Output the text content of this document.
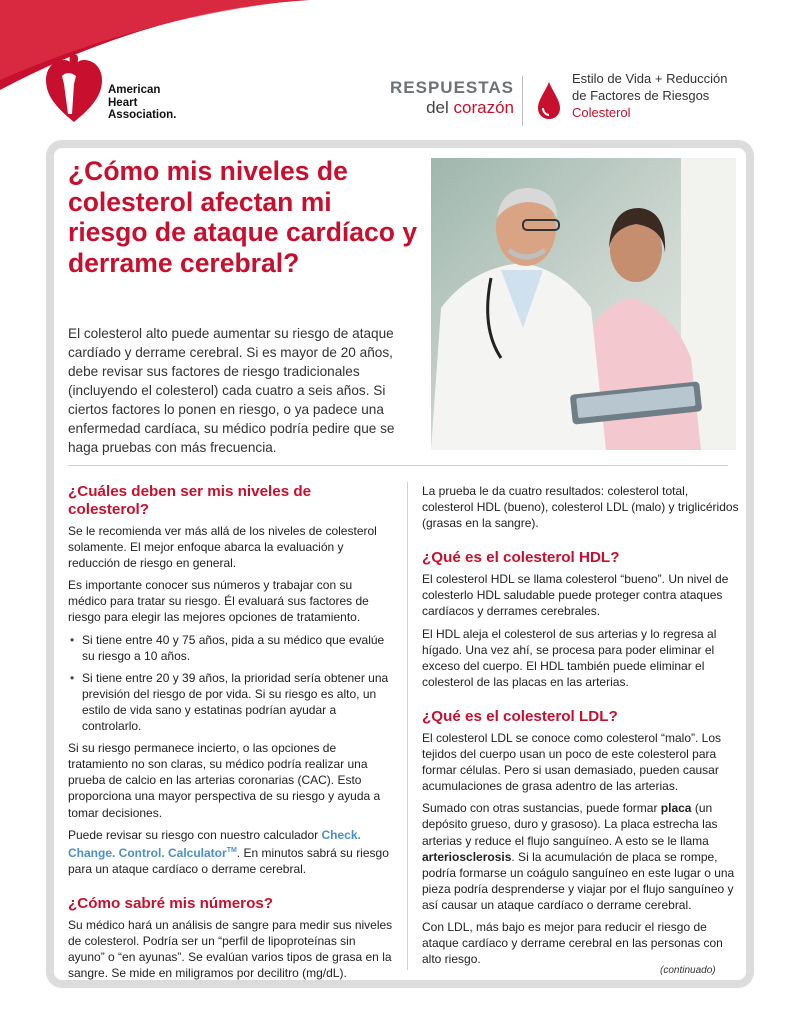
American
Heart
Association.
RESPUESTAS
del corazón
Estilo de Vida + Reducción
de Factores de Riesgos
Colesterol
¿Cómo mis niveles de colesterol afectan mi riesgo de ataque cardíaco y derrame cerebral?

El colesterol alto puede aumentar su riesgo de ataque cardíado y derrame cerebral. Si es mayor de 20 años, debe revisar sus factores de riesgo tradicionales (incluyendo el colesterol) cada cuatro a seis años. Si ciertos factores lo ponen en riesgo, o ya padece una enfermedad cardíaca, su médico podría pedire que se haga pruebas con más frecuencia.

¿Cuáles deben ser mis niveles de colesterol?

Se le recomienda ver más allá de los niveles de colesterol solamente. El mejor enfoque abarca la evaluación y reducción de riesgo en general.

Es importante conocer sus números y trabajar con su médico para tratar su riesgo. Él evaluará sus factores de riesgo para elegir las mejores opciones de tratamiento.

• Si tiene entre 40 y 75 años, pida a su médico que evalúe su riesgo a 10 años.
• Si tiene entre 20 y 39 años, la prioridad sería obtener una previsión del riesgo de por vida. Si su riesgo es alto, un estilo de vida sano y estatinas podrían ayudar a controlarlo.

Si su riesgo permanece incierto, o las opciones de tratamiento no son claras, su médico podría realizar una prueba de calcio en las arterias coronarias (CAC). Esto proporciona una mayor perspectiva de su riesgo y ayuda a tomar decisiones.

Puede revisar su riesgo con nuestro calculador Check. Change. Control. Calculator™. En minutos sabrá su riesgo para un ataque cardíaco o derrame cerebral.

¿Cómo sabré mis números?

Su médico hará un análisis de sangre para medir sus niveles de colesterol. Podría ser un “perfil de lipoproteínas sin ayuno” o “en ayunas”. Se evalúan varios tipos de grasa en la sangre. Se mide en miligramos por decilitro (mg/dL).

La prueba le da cuatro resultados: colesterol total, colesterol HDL (bueno), colesterol LDL (malo) y triglicéridos (grasas en la sangre).

¿Qué es el colesterol HDL?

El colesterol HDL se llama colesterol “bueno”. Un nivel de colesterlo HDL saludable puede proteger contra ataques cardíacos y derrames cerebrales.

El HDL aleja el colesterol de sus arterias y lo regresa al hígado. Una vez ahí, se procesa para poder eliminar el exceso del cuerpo. El HDL también puede eliminar el colesterol de las placas en las arterias.

¿Qué es el colesterol LDL?

El colesterol LDL se conoce como colesterol “malo”. Los tejidos del cuerpo usan un poco de este colesterol para formar células. Pero si usan demasiado, pueden causar acumulaciones de grasa adentro de las arterias.

Sumado con otras sustancias, puede formar placa (un depósito grueso, duro y grasoso). La placa estrecha las arterias y reduce el flujo sanguíneo. A esto se le llama arteriosclerosis. Si la acumulación de placa se rompe, podría formarse un coágulo sanguíneo en este lugar o una pieza podría desprenderse y viajar por el flujo sanguíneo y así causar un ataque cardíaco o derrame cerebral.

Con LDL, más bajo es mejor para reducir el riesgo de ataque cardíaco y derrame cerebral en las personas con alto riesgo.

(continuado)
